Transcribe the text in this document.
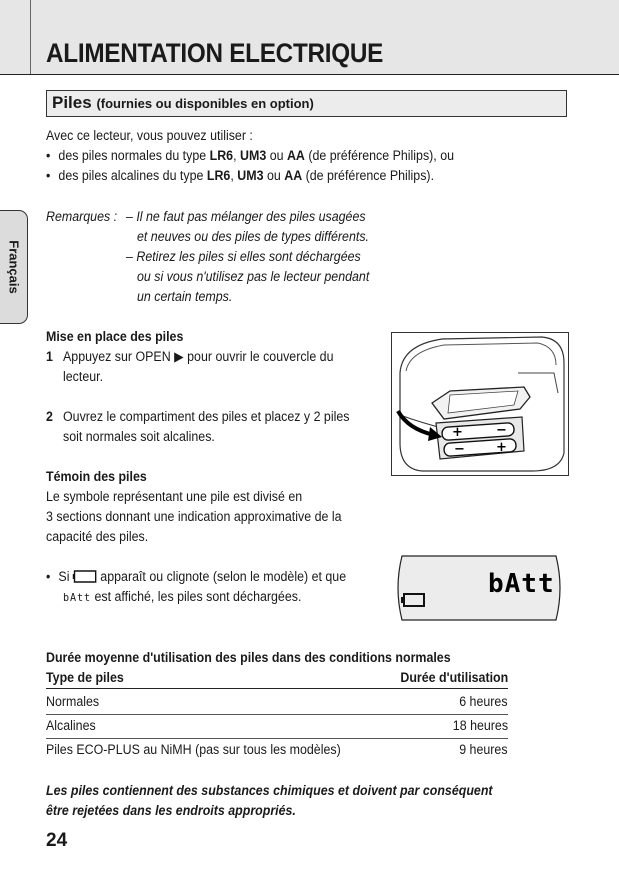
ALIMENTATION ELECTRIQUE
Français
Piles (fournies ou disponibles en option)
Avec ce lecteur, vous pouvez utiliser :
• des piles normales du type LR6, UM3 ou AA (de préférence Philips), ou
• des piles alcalines du type LR6, UM3 ou AA (de préférence Philips).
Remarques : – Il ne faut pas mélanger des piles usagées
et neuves ou des piles de types différents.
– Retirez les piles si elles sont déchargées
ou si vous n'utilisez pas le lecteur pendant
un certain temps.
Mise en place des piles
1 Appuyez sur OPEN ▶ pour ouvrir le couvercle du
lecteur.
2 Ouvrez le compartiment des piles et placez y 2 piles
soit normales soit alcalines.	+	−
− +
Témoin des piles
Le symbole représentant une pile est divisé en
3 sections donnant une indication approximative de la
capacité des piles.
• Si  apparaît ou clignote (selon le modèle) et que
bAtt est affiché, les piles sont déchargées.	bAtt
Durée moyenne d'utilisation des piles dans des conditions normales
Type de piles	Durée d'utilisation
Normales	6 heures
Alcalines	18 heures
Piles ECO-PLUS au NiMH (pas sur tous les modèles)	9 heures
Les piles contiennent des substances chimiques et doivent par conséquent
être rejetées dans les endroits appropriés.
24
